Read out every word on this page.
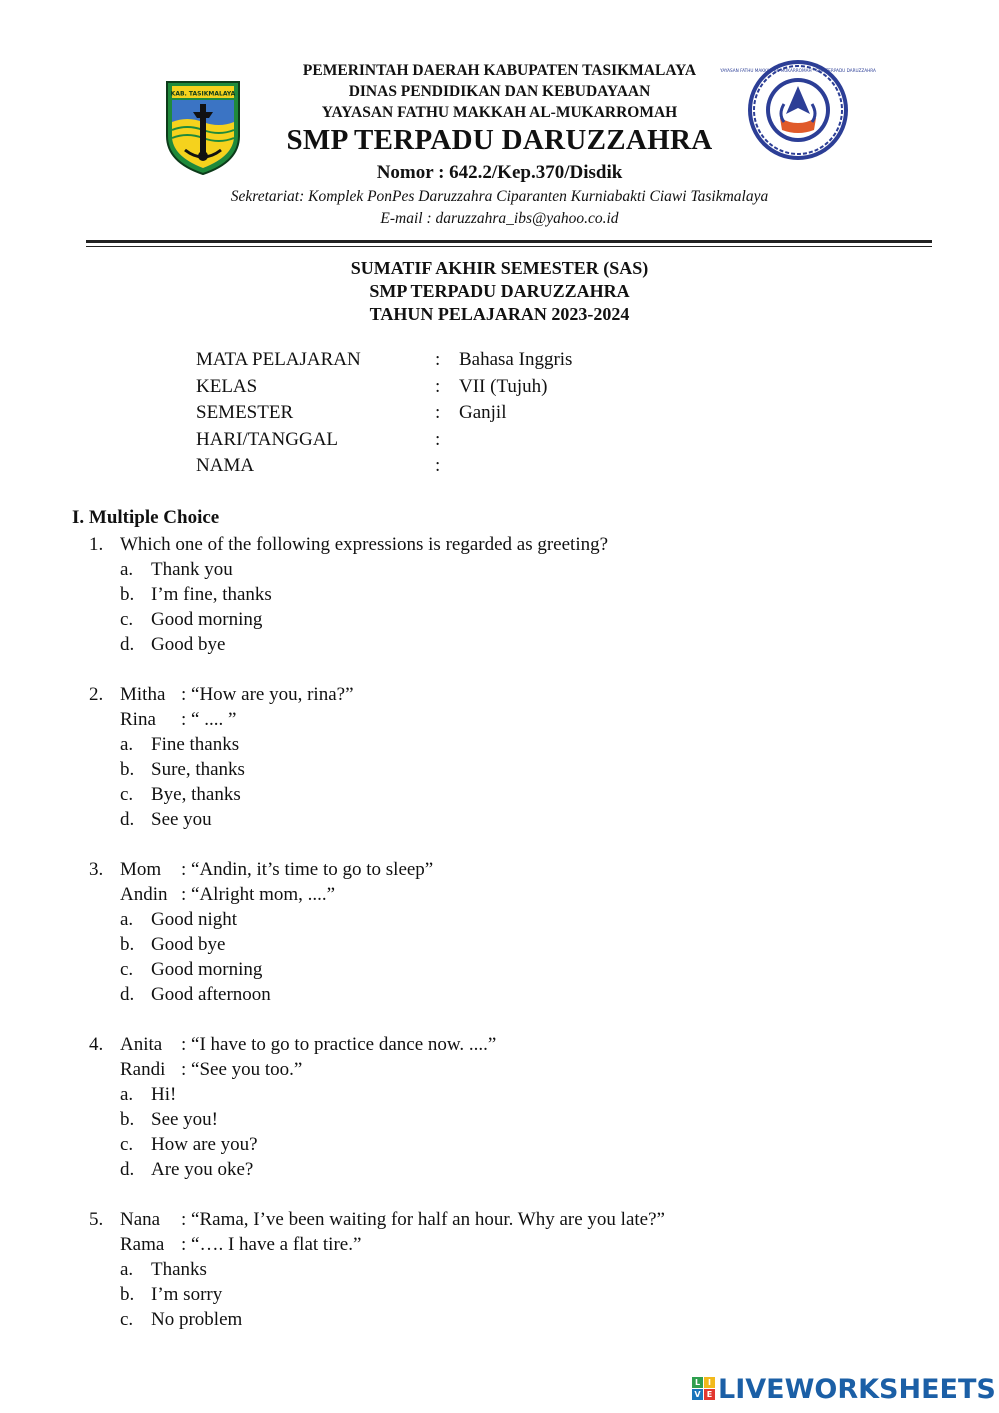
KAB. TASIKMALAYA
YAYASAN FATHU MAKKAH AL-MUKARROMAH · SMP TERPADU DARUZZAHRA
PEMERINTAH DAERAH KABUPATEN TASIKMALAYA
DINAS PENDIDIKAN DAN KEBUDAYAAN
YAYASAN FATHU MAKKAH AL-MUKARROMAH
SMP TERPADU DARUZZAHRA
Nomor : 642.2/Kep.370/Disdik
Sekretariat: Komplek PonPes Daruzzahra Ciparanten Kurniabakti Ciawi Tasikmalaya
E-mail : daruzzahra_ibs@yahoo.co.id
SUMATIF AKHIR SEMESTER (SAS)
SMP TERPADU DARUZZAHRA
TAHUN PELAJARAN 2023-2024
MATA PELAJARAN	: Bahasa Inggris
KELAS	: VII (Tujuh)
SEMESTER	: Ganjil
HARI/TANGGAL	:
NAMA	:
I. Multiple Choice
1. Which one of the following expressions is regarded as greeting?
a. Thank you
b. I’m fine, thanks
c. Good morning
d. Good bye
2. Mitha : “How are you, rina?”
Rina : “ .... ”
a. Fine thanks
b. Sure, thanks
c. Bye, thanks
d. See you
3. Mom : “Andin, it’s time to go to sleep”
Andin : “Alright mom, ....”
a. Good night
b. Good bye
c. Good morning
d. Good afternoon
4. Anita : “I have to go to practice dance now. ....”
Randi : “See you too.”
a. Hi!
b. See you!
c. How are you?
d. Are you oke?
5. Nana : “Rama, I’ve been waiting for half an hour. Why are you late?”
Rama : “…. I have a flat tire.”
a. Thanks
b. I’m sorry
c. No problem
L I
V E LIVEWORKSHEETS
